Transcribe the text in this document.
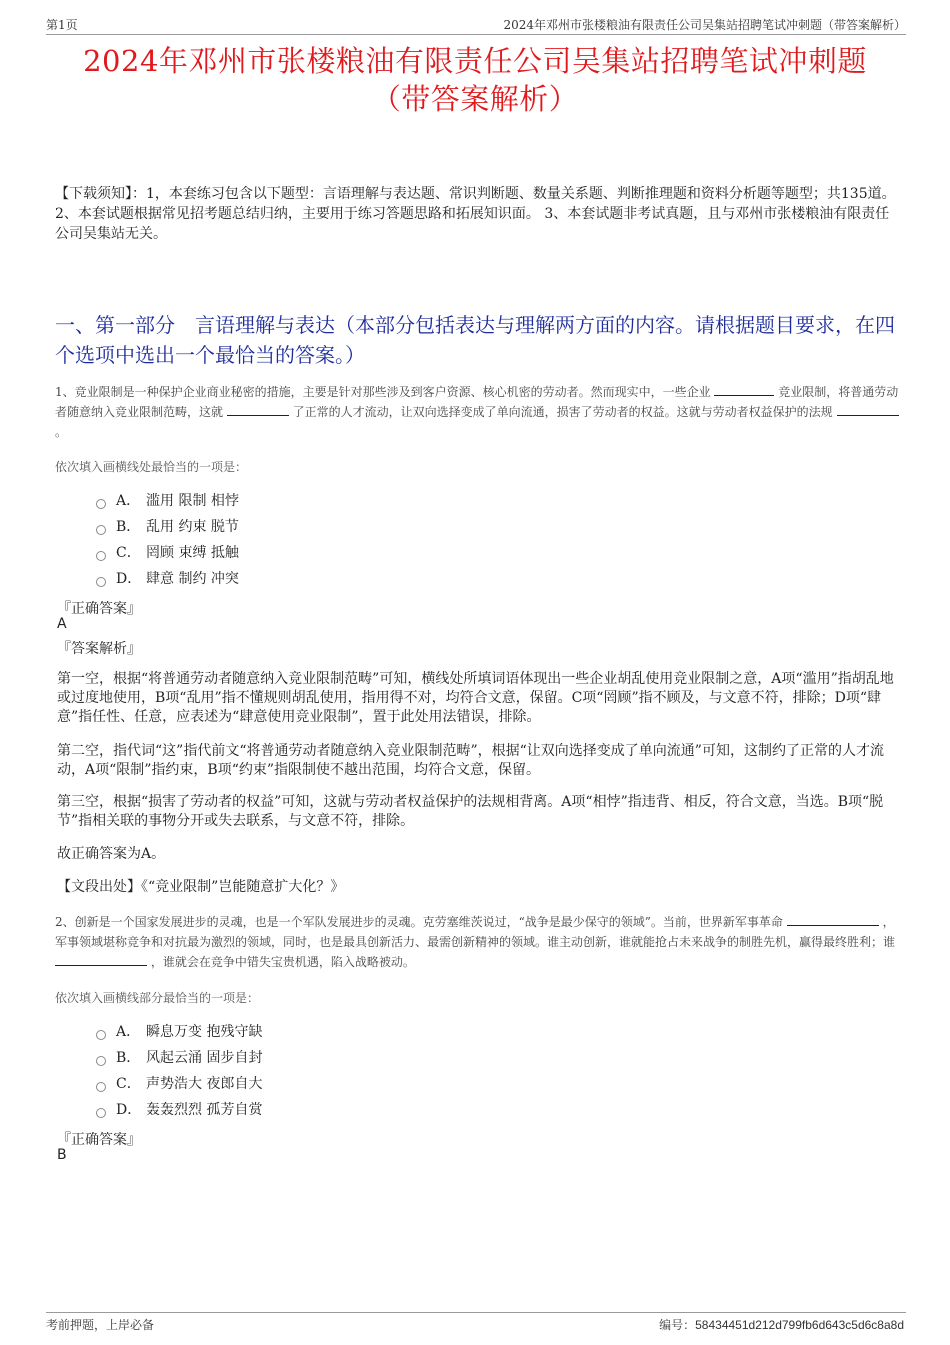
第1页	2024年邓州市张楼粮油有限责任公司吴集站招聘笔试冲刺题（带答案解析）
2024年邓州市张楼粮油有限责任公司吴集站招聘笔试冲刺题
（带答案解析）
【下载须知】：1，本套练习包含以下题型：言语理解与表达题、常识判断题、数量关系题、判断推理题和资料分析题等题型；共135道。 2、本套试题根据常见招考题总结归纳，主要用于练习答题思路和拓展知识面。 3、本套试题非考试真题，且与邓州市张楼粮油有限责任公司吴集站无关。
一、第一部分　言语理解与表达（本部分包括表达与理解两方面的内容。请根据题目要求，在四个选项中选出一个最恰当的答案。）
1、竞业限制是一种保护企业商业秘密的措施，主要是针对那些涉及到客户资源、核心机密的劳动者。然而现实中，一些企业	竞业限制，将普通劳动者随意纳入竞业限制范畴，这就	了正常的人才流动，让双向选择变成了单向流通，损害了劳动者的权益。这就与劳动者权益保护的法规  。
依次填入画横线处最恰当的一项是：
A． 滥用 限制 相悖
B． 乱用 约束 脱节
C． 罔顾 束缚 抵触
D． 肆意 制约 冲突
『正确答案』
A
『答案解析』
第一空，根据“将普通劳动者随意纳入竞业限制范畴”可知，横线处所填词语体现出一些企业胡乱使用竞业限制之意，A项“滥用”指胡乱地或过度地使用，B项“乱用”指不懂规则胡乱使用，指用得不对，均符合文意，保留。C项“罔顾”指不顾及，与文意不符，排除；D项“肆意”指任性、任意，应表述为“肆意使用竞业限制”，置于此处用法错误，排除。
第二空，指代词“这”指代前文“将普通劳动者随意纳入竞业限制范畴”，根据“让双向选择变成了单向流通”可知，这制约了正常的人才流动，A项“限制”指约束，B项“约束”指限制使不越出范围，均符合文意，保留。
第三空，根据“损害了劳动者的权益”可知，这就与劳动者权益保护的法规相背离。A项“相悖”指违背、相反，符合文意，当选。B项“脱节”指相关联的事物分开或失去联系，与文意不符，排除。
故正确答案为A。
【文段出处】《“竞业限制”岂能随意扩大化？》
2、创新是一个国家发展进步的灵魂，也是一个军队发展进步的灵魂。克劳塞维茨说过，“战争是最少保守的领域”。当前，世界新军事革命	，军事领域堪称竞争和对抗最为激烈的领域，同时，也是最具创新活力、最需创新精神的领域。谁主动创新，谁就能抢占未来战争的制胜先机，赢得最终胜利；谁  ，谁就会在竞争中错失宝贵机遇，陷入战略被动。
依次填入画横线部分最恰当的一项是：
A． 瞬息万变 抱残守缺
B． 风起云涌 固步自封
C． 声势浩大 夜郎自大
D． 轰轰烈烈 孤芳自赏
『正确答案』
B
考前押题，上岸必备	编号：58434451d212d799fb6d643c5d6c8a8d
